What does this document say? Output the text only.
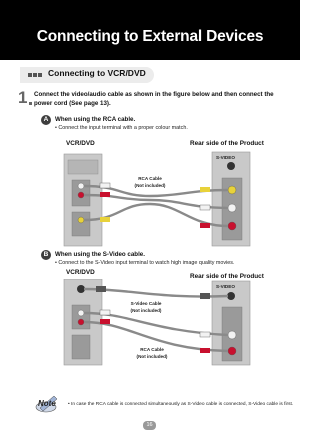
Connecting to External Devices
Connecting to VCR/DVD
1 Connect the video/audio cable as shown in the figure below and then connect the power cord (See page 13).
A	When using the RCA cable.
• Connect the input terminal with a proper colour match.
VCR/DVD	Rear side of the Product
S-VIDEO
RCA Cable
(Not included)
B	When using the S-Video cable.
• Connect to the S-Video input terminal to watch high image quality movies.
VCR/DVD
Rear side of the Product
S-VIDEO
S-Video Cable
(Not included)
RCA Cable
(Not included)
Note	• In case the RCA cable is connected simultaneously as S-Video cable is connected, S-Video cable is first.
16
